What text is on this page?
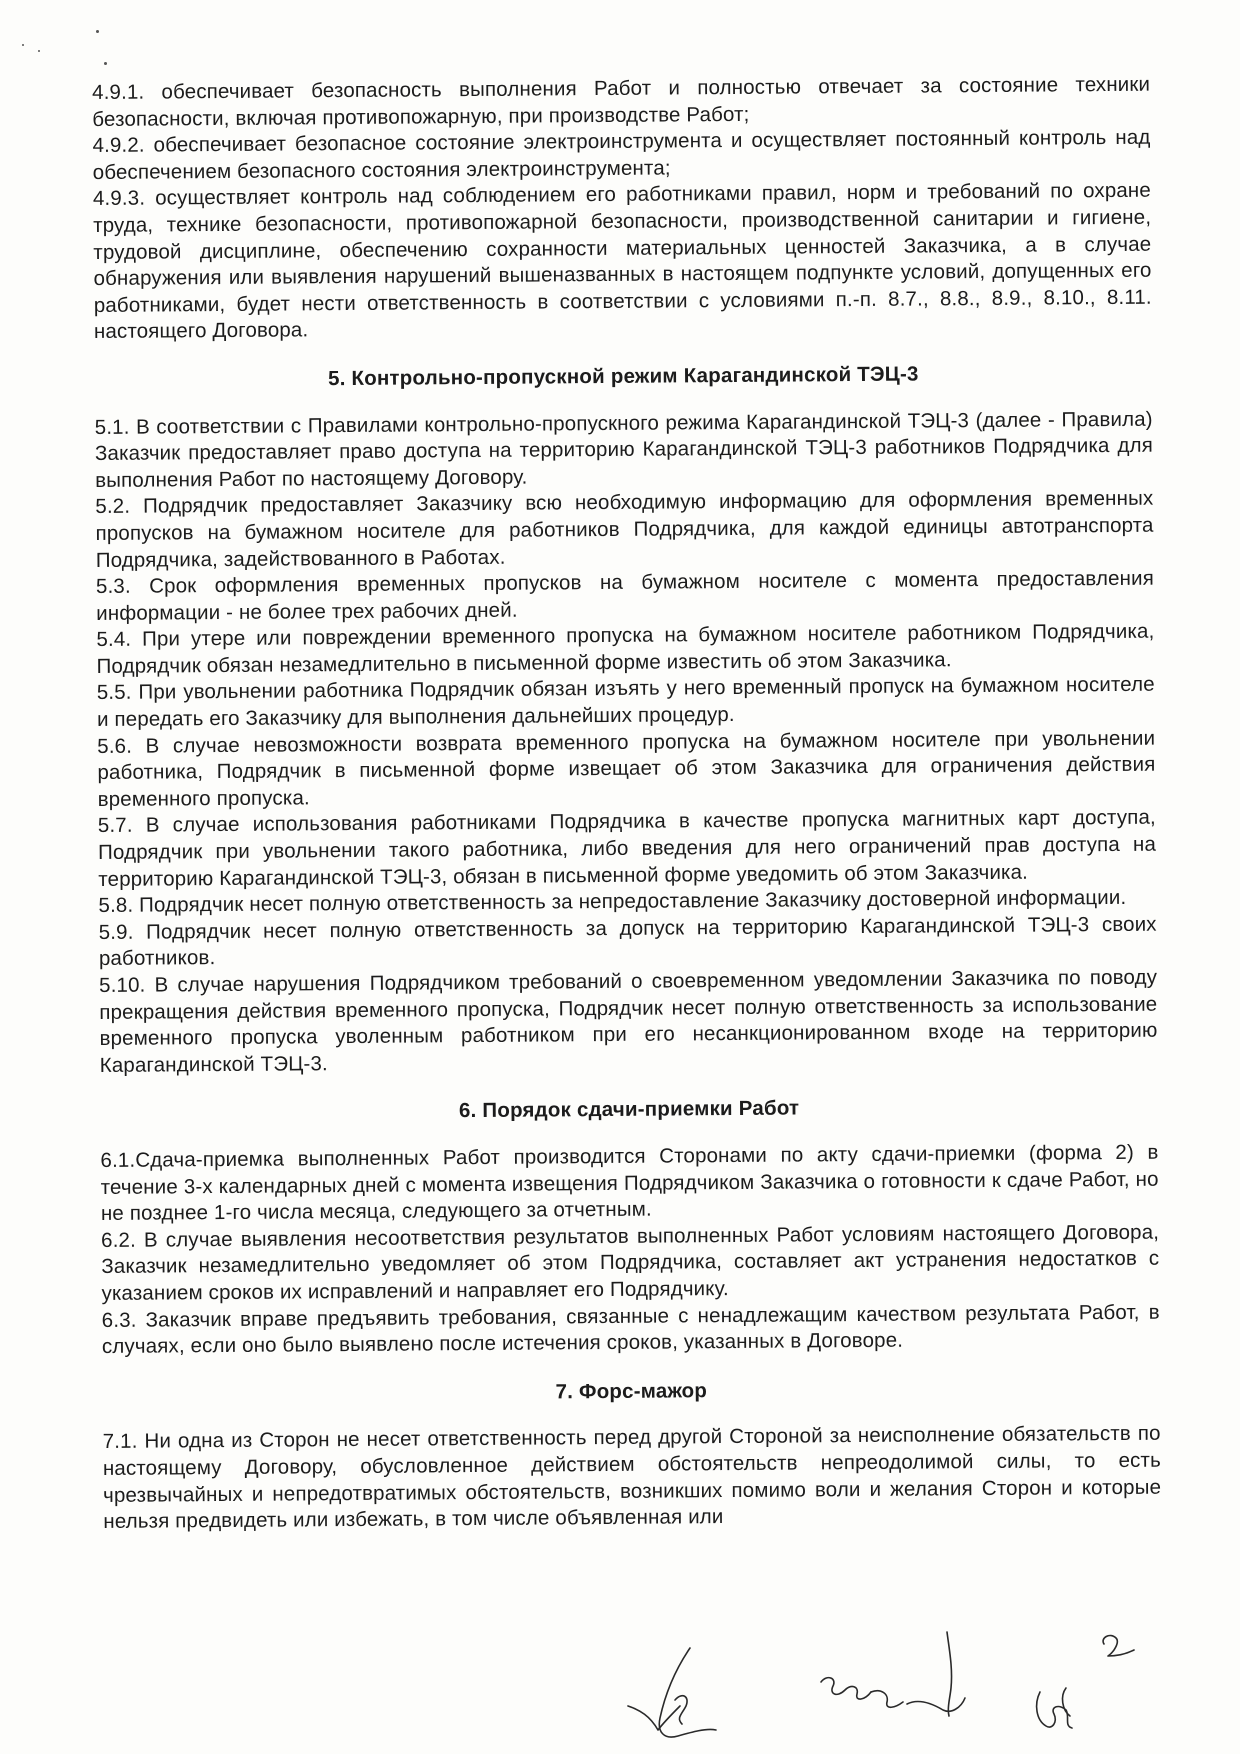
4.9.1. обеспечивает безопасность выполнения Работ и полностью отвечает за состояние техники безопасности, включая противопожарную, при производстве Работ;

4.9.2. обеспечивает безопасное состояние электроинструмента и осуществляет постоянный контроль над обеспечением безопасного состояния электроинструмента;

4.9.3. осуществляет контроль над соблюдением его работниками правил, норм и требований по охране труда, технике безопасности, противопожарной безопасности, производственной санитарии и гигиене, трудовой дисциплине, обеспечению сохранности материальных ценностей Заказчика, а в случае обнаружения или выявления нарушений вышеназванных в настоящем подпункте условий, допущенных его работниками, будет нести ответственность в соответствии с условиями п.-п. 8.7., 8.8., 8.9., 8.10., 8.11. настоящего Договора.

5. Контрольно-пропускной режим Карагандинской ТЭЦ-3

5.1. В соответствии с Правилами контрольно-пропускного режима Карагандинской ТЭЦ-3 (далее - Правила) Заказчик предоставляет право доступа на территорию Карагандинской ТЭЦ-3 работников Подрядчика для выполнения Работ по настоящему Договору.

5.2. Подрядчик предоставляет Заказчику всю необходимую информацию для оформления временных пропусков на бумажном носителе для работников Подрядчика, для каждой единицы автотранспорта Подрядчика, задействованного в Работах.

5.3. Срок оформления временных пропусков на бумажном носителе с момента предоставления информации - не более трех рабочих дней.

5.4. При утере или повреждении временного пропуска на бумажном носителе работником Подрядчика, Подрядчик обязан незамедлительно в письменной форме известить об этом Заказчика.

5.5. При увольнении работника Подрядчик обязан изъять у него временный пропуск на бумажном носителе и передать его Заказчику для выполнения дальнейших процедур.

5.6. В случае невозможности возврата временного пропуска на бумажном носителе при увольнении работника, Подрядчик в письменной форме извещает об этом Заказчика для ограничения действия временного пропуска.

5.7. В случае использования работниками Подрядчика в качестве пропуска магнитных карт доступа, Подрядчик при увольнении такого работника, либо введения для него ограничений прав доступа на территорию Карагандинской ТЭЦ-3, обязан в письменной форме уведомить об этом Заказчика.

5.8. Подрядчик несет полную ответственность за непредоставление Заказчику достоверной информации.

5.9. Подрядчик несет полную ответственность за допуск на территорию Карагандинской ТЭЦ-3 своих работников.

5.10. В случае нарушения Подрядчиком требований о своевременном уведомлении Заказчика по поводу прекращения действия временного пропуска, Подрядчик несет полную ответственность за использование временного пропуска уволенным работником при его несанкционированном входе на территорию Карагандинской ТЭЦ-3.

6. Порядок сдачи-приемки Работ

6.1.Сдача-приемка выполненных Работ производится Сторонами по акту сдачи-приемки (форма 2) в течение 3-х календарных дней с момента извещения Подрядчиком Заказчика о готовности к сдаче Работ, но не позднее 1-го числа месяца, следующего за отчетным.

6.2. В случае выявления несоответствия результатов выполненных Работ условиям настоящего Договора, Заказчик незамедлительно уведомляет об этом Подрядчика, составляет акт устранения недостатков с указанием сроков их исправлений и направляет его Подрядчику.

6.3. Заказчик вправе предъявить требования, связанные с ненадлежащим качеством результата Работ, в случаях, если оно было выявлено после истечения сроков, указанных в Договоре.

7. Форс-мажор

7.1. Ни одна из Сторон не несет ответственность перед другой Стороной за неисполнение обязательств по настоящему Договору, обусловленное действием обстоятельств непреодолимой силы, то есть чрезвычайных и непредотвратимых обстоятельств, возникших помимо воли и желания Сторон и которые нельзя предвидеть или избежать, в том числе объявленная или
